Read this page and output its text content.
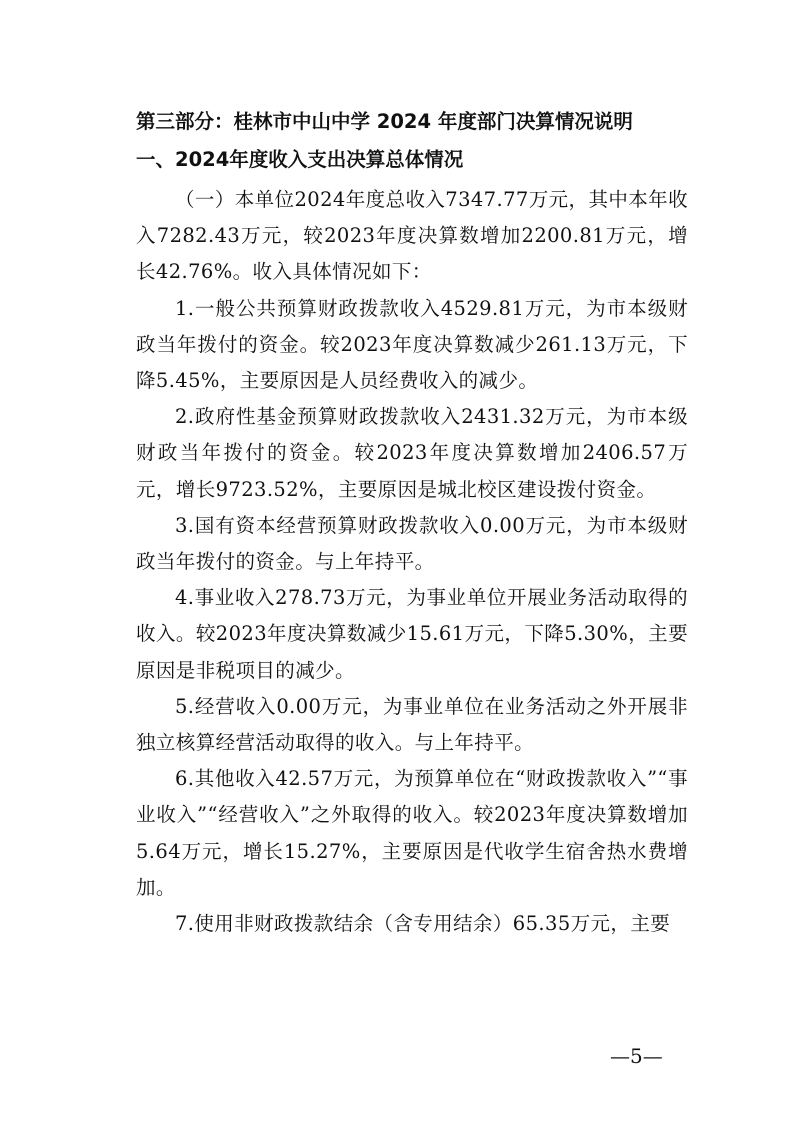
第三部分：桂林市中山中学 2024 年度部门决算情况说明
一、2024年度收入支出决算总体情况

（一）本单位2024年度总收入7347.77万元，其中本年收入7282.43万元，较2023年度决算数增加2200.81万元，增长42.76%。收入具体情况如下：

1.一般公共预算财政拨款收入4529.81万元，为市本级财政当年拨付的资金。较2023年度决算数减少261.13万元，下降5.45%，主要原因是人员经费收入的减少。

2.政府性基金预算财政拨款收入2431.32万元，为市本级财政当年拨付的资金。较2023年度决算数增加2406.57万元，增长9723.52%，主要原因是城北校区建设拨付资金。

3.国有资本经营预算财政拨款收入0.00万元，为市本级财政当年拨付的资金。与上年持平。

4.事业收入278.73万元，为事业单位开展业务活动取得的收入。较2023年度决算数减少15.61万元，下降5.30%，主要原因是非税项目的减少。

5.经营收入0.00万元，为事业单位在业务活动之外开展非独立核算经营活动取得的收入。与上年持平。

6.其他收入42.57万元，为预算单位在“财政拨款收入”“事业收入”“经营收入”之外取得的收入。较2023年度决算数增加5.64万元，增长15.27%，主要原因是代收学生宿舍热水费增加。

7.使用非财政拨款结余（含专用结余）65.35万元，主要

—5—
